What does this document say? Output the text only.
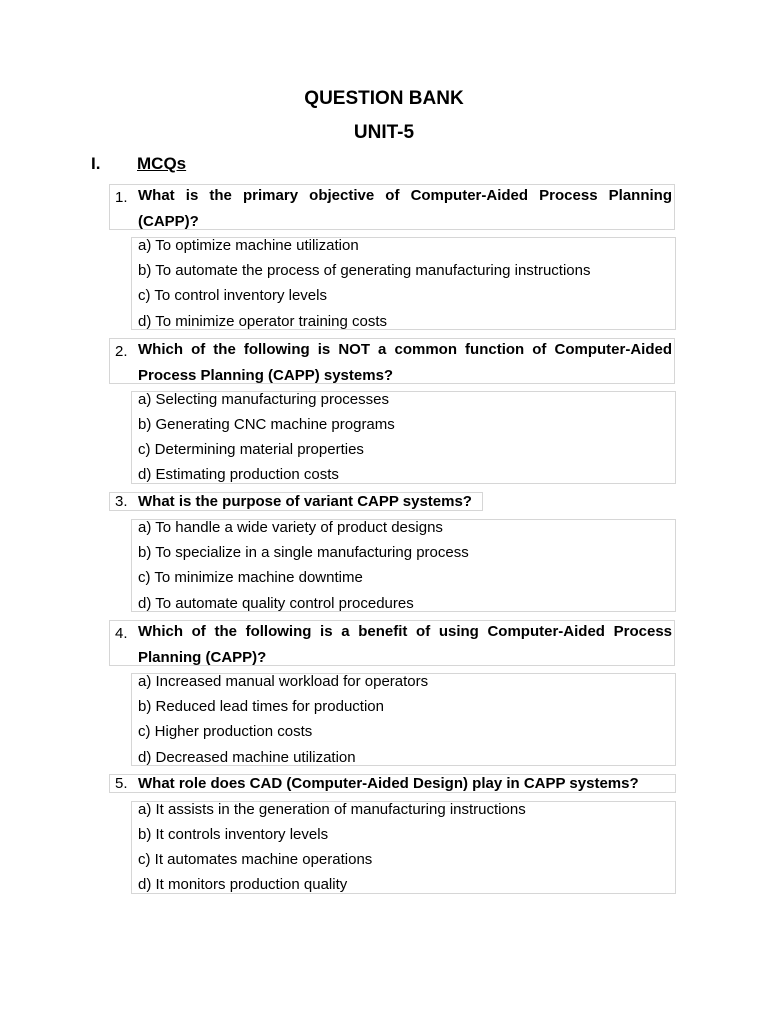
QUESTION BANK
UNIT-5
I. MCQs
1. What is the primary objective of Computer-Aided Process Planning (CAPP)?
a) To optimize machine utilization
b) To automate the process of generating manufacturing instructions
c) To control inventory levels
d) To minimize operator training costs
2. Which of the following is NOT a common function of Computer-Aided Process Planning (CAPP) systems?
a) Selecting manufacturing processes
b) Generating CNC machine programs
c) Determining material properties
d) Estimating production costs
3. What is the purpose of variant CAPP systems?
a) To handle a wide variety of product designs
b) To specialize in a single manufacturing process
c) To minimize machine downtime
d) To automate quality control procedures
4. Which of the following is a benefit of using Computer-Aided Process Planning (CAPP)?
a) Increased manual workload for operators
b) Reduced lead times for production
c) Higher production costs
d) Decreased machine utilization
5. What role does CAD (Computer-Aided Design) play in CAPP systems?
a) It assists in the generation of manufacturing instructions
b) It controls inventory levels
c) It automates machine operations
d) It monitors production quality
